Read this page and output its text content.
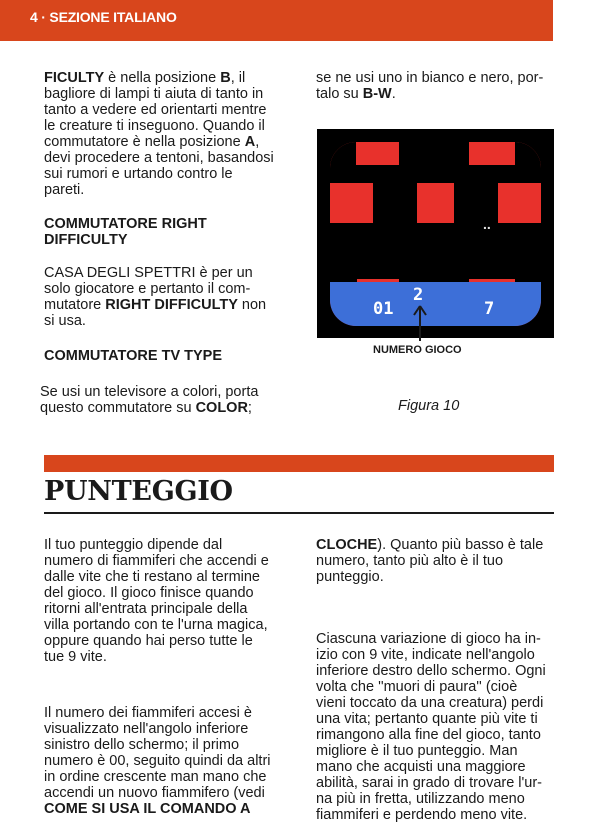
4 · SEZIONE ITALIANO

FICULTY è nella posizione B, il
bagliore di lampi ti aiuta di tanto in
tanto a vedere ed orientarti mentre
le creature ti inseguono. Quando il
commutatore è nella posizione A,
devi procedere a tentoni, basandosi
sui rumori e urtando contro le
pareti.

COMMUTATORE RIGHT
DIFFICULTY

CASA DEGLI SPETTRI è per un
solo giocatore e pertanto il com-
mutatore RIGHT DIFFICULTY non
si usa.

COMMUTATORE TV TYPE

Se usi un televisore a colori, porta
questo commutatore su COLOR;

se ne usi uno in bianco e nero, por-
talo su B-W.

..
01
2
7
NUMERO GIOCO
Figura 10
PUNTEGGIO

Il tuo punteggio dipende dal
numero di fiammiferi che accendi e
dalle vite che ti restano al termine
del gioco. Il gioco finisce quando
ritorni all'entrata principale della
villa portando con te l'urna magica,
oppure quando hai perso tutte le
tue 9 vite.

Il numero dei fiammiferi accesi è
visualizzato nell'angolo inferiore
sinistro dello schermo; il primo
numero è 00, seguito quindi da altri
in ordine crescente man mano che
accendi un nuovo fiammifero (vedi
COME SI USA IL COMANDO A

CLOCHE). Quanto più basso è tale
numero, tanto più alto è il tuo
punteggio.

Ciascuna variazione di gioco ha in-
izio con 9 vite, indicate nell'angolo
inferiore destro dello schermo. Ogni
volta che ''muori di paura'' (cioè
vieni toccato da una creatura) perdi
una vita; pertanto quante più vite ti
rimangono alla fine del gioco, tanto
migliore è il tuo punteggio. Man
mano che acquisti una maggiore
abilità, sarai in grado di trovare l'ur-
na più in fretta, utilizzando meno
fiammiferi e perdendo meno vite.
